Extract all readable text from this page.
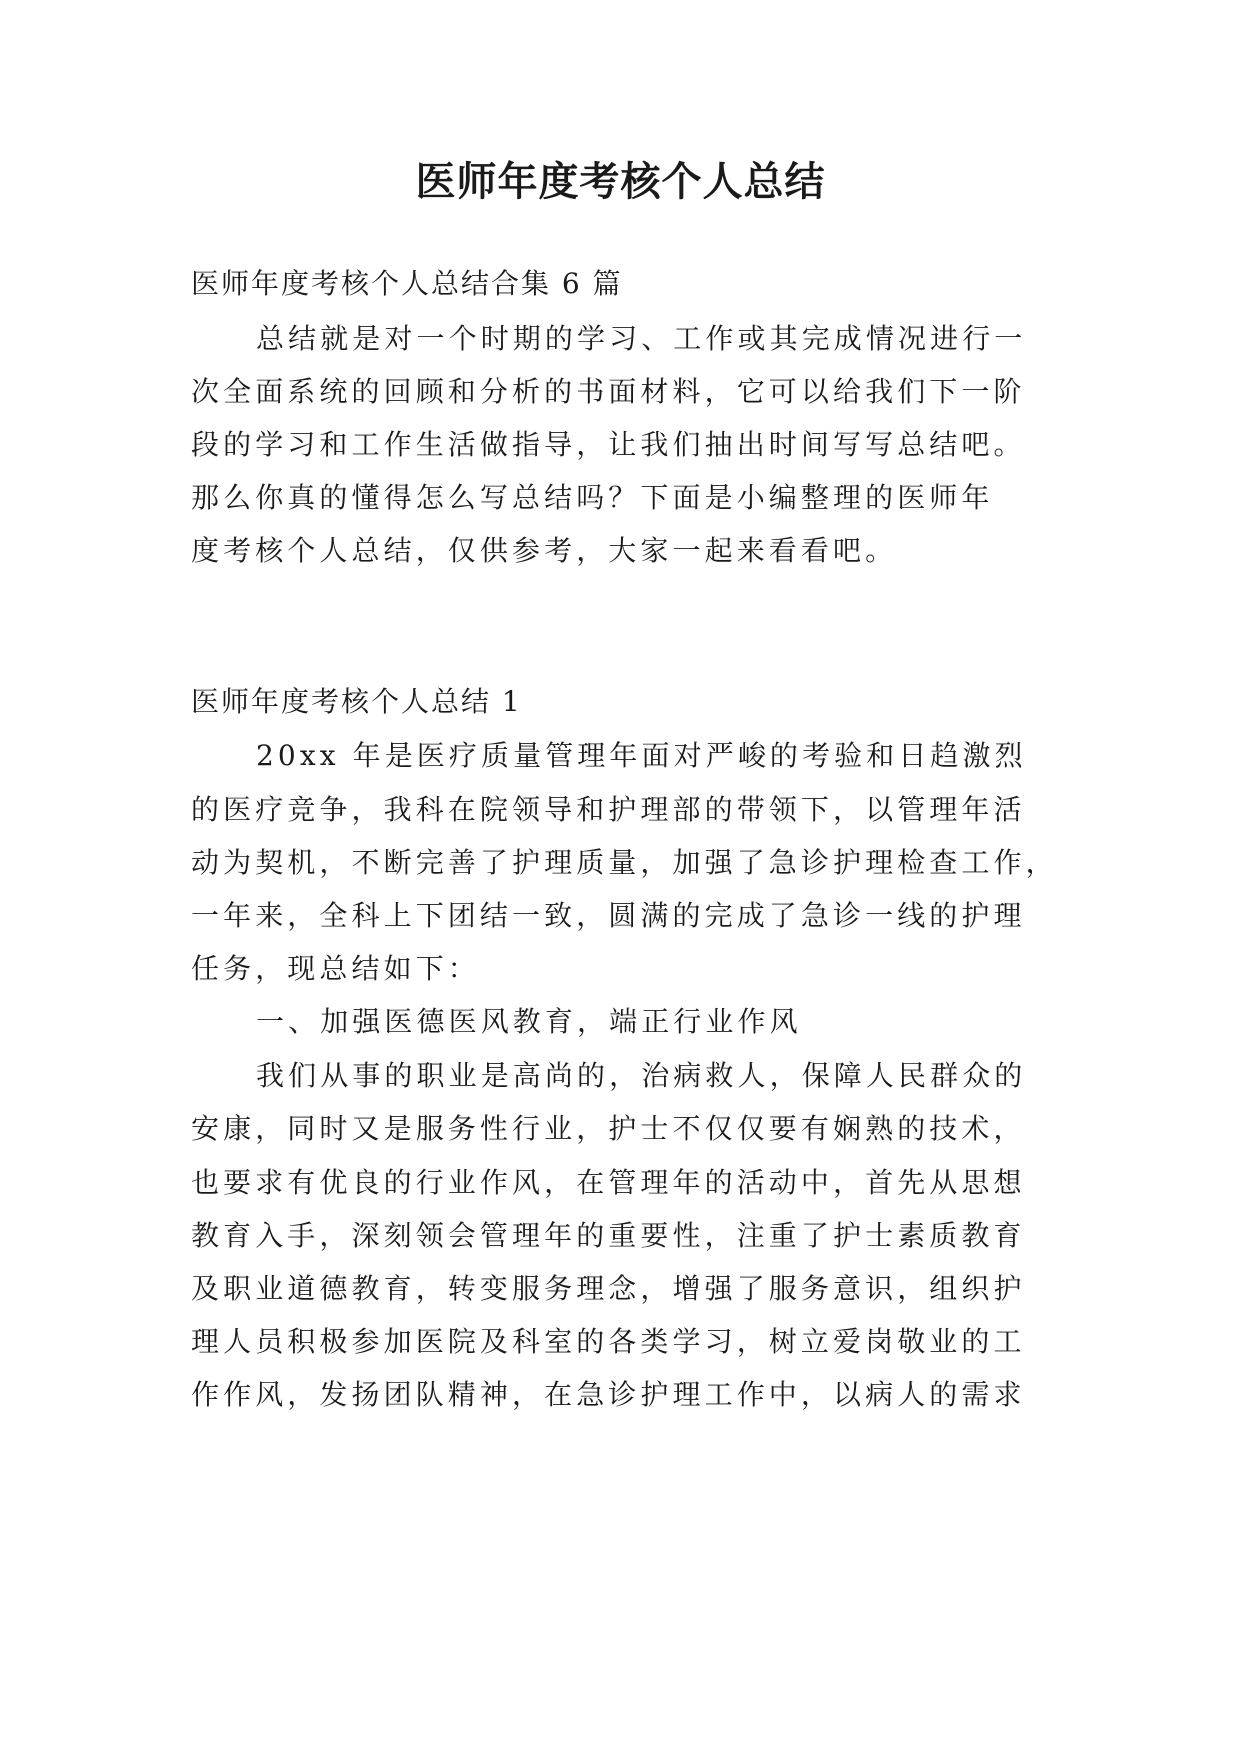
医师年度考核个人总结

医师年度考核个人总结合集 6 篇

总结就是对一个时期的学习、工作或其完成情况进行一

次全面系统的回顾和分析的书面材料，它可以给我们下一阶

段的学习和工作生活做指导，让我们抽出时间写写总结吧。

那么你真的懂得怎么写总结吗？下面是小编整理的医师年

度考核个人总结，仅供参考，大家一起来看看吧。

医师年度考核个人总结 1

20xx 年是医疗质量管理年面对严峻的考验和日趋激烈

的医疗竞争，我科在院领导和护理部的带领下，以管理年活

动为契机，不断完善了护理质量，加强了急诊护理检查工作，

一年来，全科上下团结一致，圆满的完成了急诊一线的护理

任务，现总结如下：

一、加强医德医风教育，端正行业作风

我们从事的职业是高尚的，治病救人，保障人民群众的

安康，同时又是服务性行业，护士不仅仅要有娴熟的技术，

也要求有优良的行业作风，在管理年的活动中，首先从思想

教育入手，深刻领会管理年的重要性，注重了护士素质教育

及职业道德教育，转变服务理念，增强了服务意识，组织护

理人员积极参加医院及科室的各类学习，树立爱岗敬业的工

作作风，发扬团队精神，在急诊护理工作中，以病人的需求
